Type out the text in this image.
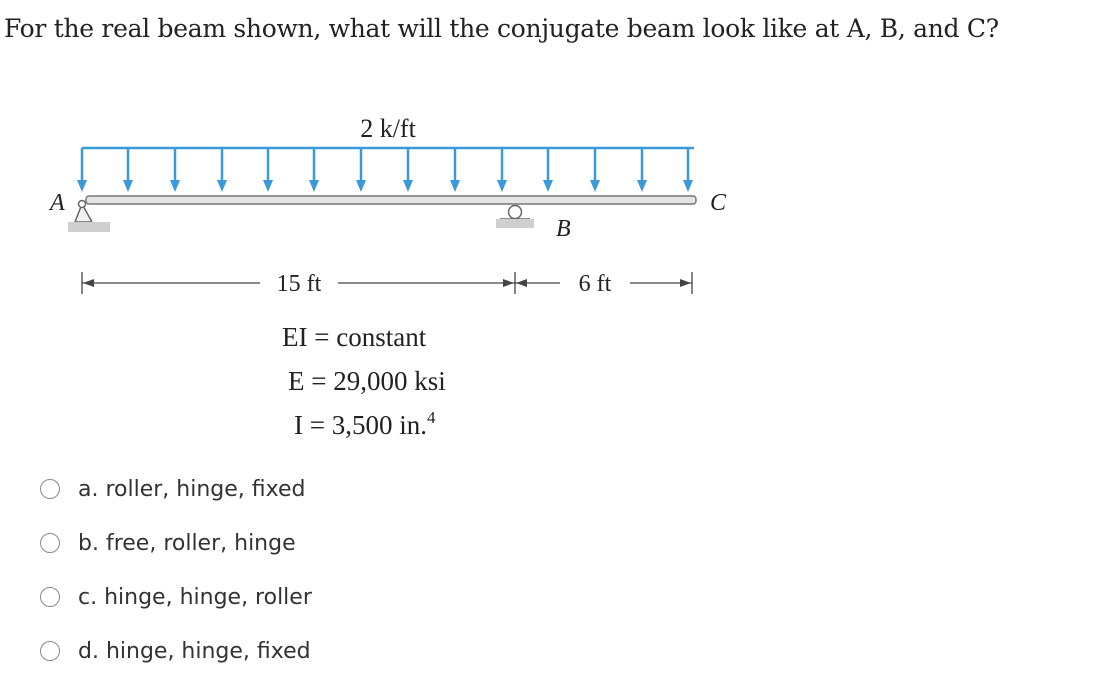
For the real beam shown, what will the conjugate beam look like at A, B, and C?
2 k/ft
A
B
C
15 ft	6 ft
EI = constant
E = 29,000 ksi
I = 3,500 in.$^4$
a. roller, hinge, fixed
b. free, roller, hinge
c. hinge, hinge, roller
d. hinge, hinge, fixed
